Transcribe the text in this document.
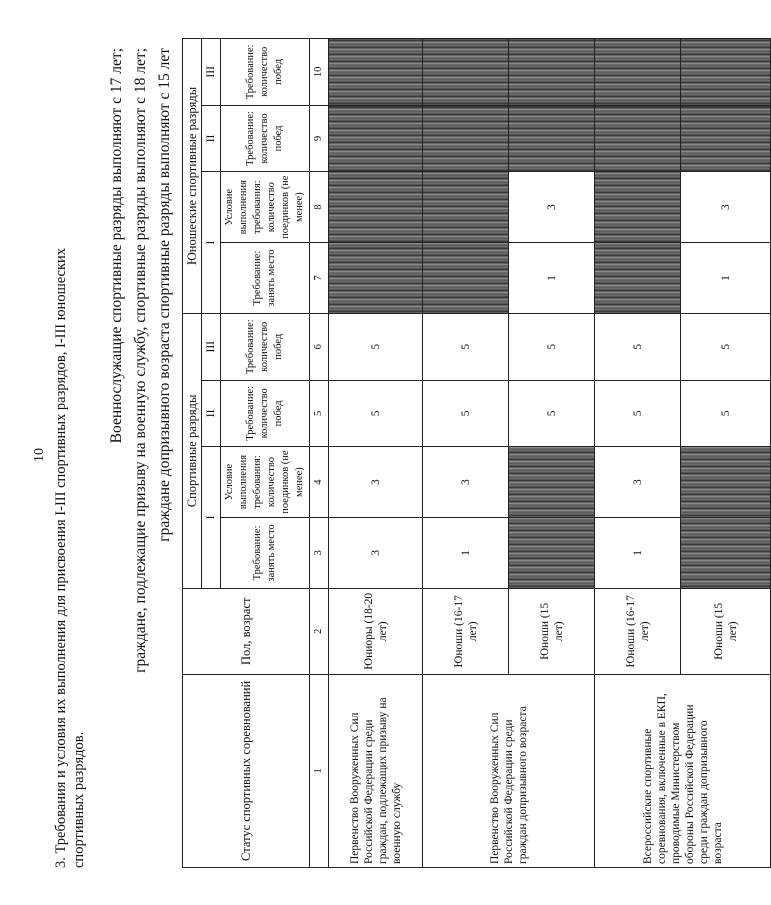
10 3. Требования и условия их выполнения для присвоения I-III спортивных разрядов, I-III юношеских спортивных разрядов.
Военнослужащие спортивные разряды выполняют с 17 лет; граждане, подлежащие призыву на военную службу, спортивные разряды выполняют с 18 лет; граждане допризывного возраста спортивные разряды выполняют с 15 лет
Статус спортивных соревнований	Пол, возраст	Спортивные разряды				Юношеские спортивные разряды			
		I		II	III	I		II	III
		Требование: занять место	Условие выполнения требования: количество поединков (не менее)	Требование: количество побед	Требование: количество побед	Требование: занять место	Условие выполнения требования: количество поединков (не менее)	Требование: количество побед	Требование: количество побед
1	2	3	4	5	6	7	8	9	10
Первенство Вооруженных Сил Российской Федерации среди граждан, подлежащих призыву на военную службу	Юниоры (18-20 лет)	3	3	5	5				
Первенство Вооруженных Сил Российской Федерации среди граждан допризывного возраста	Юноши (16-17 лет)	1	3	5	5				
	Юноши (15 лет)			5	5	1	3		
Всероссийские спортивные соревнования, включенные в ЕКП, проводимые Министерством обороны Российской Федерации среди граждан допризывного возраста	Юноши (16-17 лет)	1	3	5	5				
	Юноши (15 лет)			5	5	1	3		
